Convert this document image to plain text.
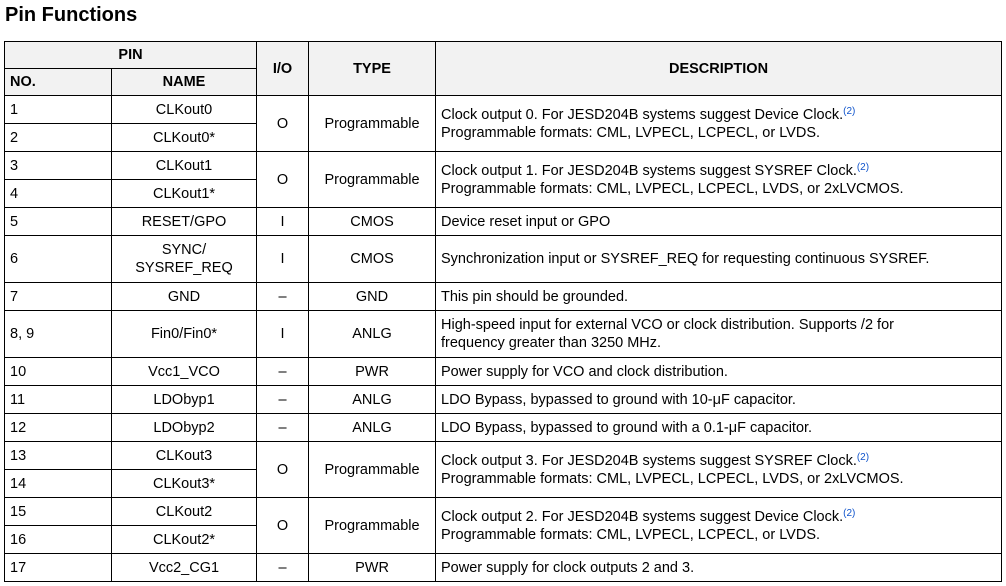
Pin Functions
PIN		I/O	TYPE	DESCRIPTION
NO.	NAME			
1	CLKout0	O	Programmable	Clock output 0. For JESD204B systems suggest Device Clock.$^{(2)}$
Programmable formats: CML, LVPECL, LCPECL, or LVDS.
2	CLKout0*			
3	CLKout1	O	Programmable	Clock output 1. For JESD204B systems suggest SYSREF Clock.$^{(2)}$
Programmable formats: CML, LVPECL, LCPECL, LVDS, or 2xLVCMOS.
4	CLKout1*			
5	RESET/GPO	I	CMOS	Device reset input or GPO
6	SYNC/
SYSREF_REQ	I	CMOS	Synchronization input or SYSREF_REQ for requesting continuous SYSREF.
7	GND	–	GND	This pin should be grounded.
8, 9	Fin0/Fin0*	I	ANLG	High-speed input for external VCO or clock distribution. Supports /2 for
frequency greater than 3250 MHz.
10	Vcc1_VCO	–	PWR	Power supply for VCO and clock distribution.
11	LDObyp1	–	ANLG	LDO Bypass, bypassed to ground with 10-μF capacitor.
12	LDObyp2	–	ANLG	LDO Bypass, bypassed to ground with a 0.1-μF capacitor.
13	CLKout3	O	Programmable	Clock output 3. For JESD204B systems suggest SYSREF Clock.$^{(2)}$
Programmable formats: CML, LVPECL, LCPECL, LVDS, or 2xLVCMOS.
14	CLKout3*			
15	CLKout2	O	Programmable	Clock output 2. For JESD204B systems suggest Device Clock.$^{(2)}$
Programmable formats: CML, LVPECL, LCPECL, or LVDS.
16	CLKout2*			
17	Vcc2_CG1	–	PWR	Power supply for clock outputs 2 and 3.
